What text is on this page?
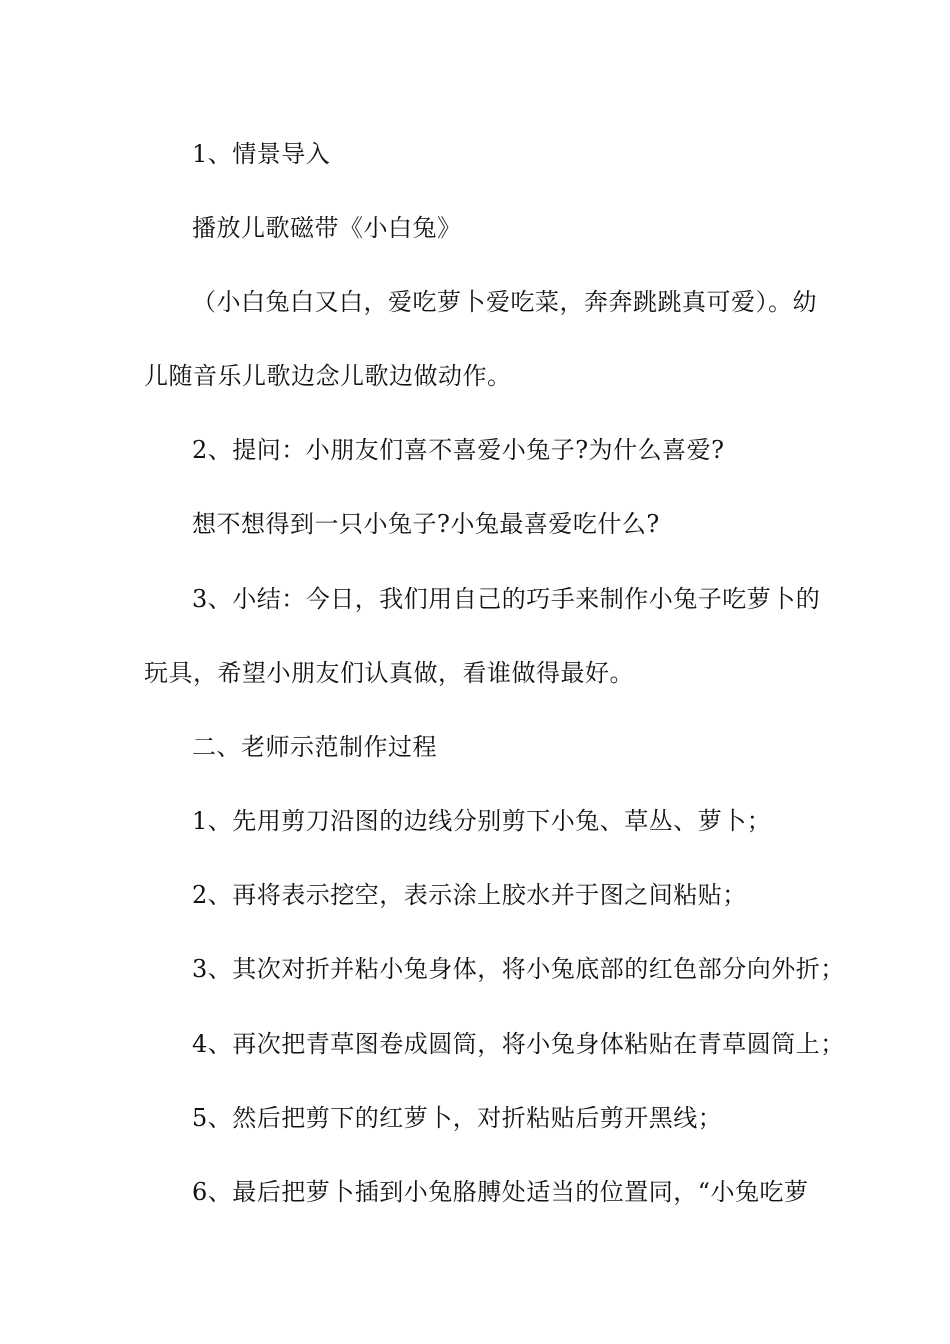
1、情景导入
播放儿歌磁带《小白兔》
（小白兔白又白，爱吃萝卜爱吃菜，奔奔跳跳真可爱）。幼
儿随音乐儿歌边念儿歌边做动作。
2、提问：小朋友们喜不喜爱小兔子?为什么喜爱?
想不想得到一只小兔子?小兔最喜爱吃什么?
3、小结：今日，我们用自己的巧手来制作小兔子吃萝卜的
玩具，希望小朋友们认真做，看谁做得最好。
二、老师示范制作过程
1、先用剪刀沿图的边线分别剪下小兔、草丛、萝卜；
2、再将表示挖空，表示涂上胶水并于图之间粘贴；
3、其次对折并粘小兔身体，将小兔底部的红色部分向外折；
4、再次把青草图卷成圆筒，将小兔身体粘贴在青草圆筒上；
5、然后把剪下的红萝卜，对折粘贴后剪开黑线；
6、最后把萝卜插到小兔胳膊处适当的位置同，“小兔吃萝
